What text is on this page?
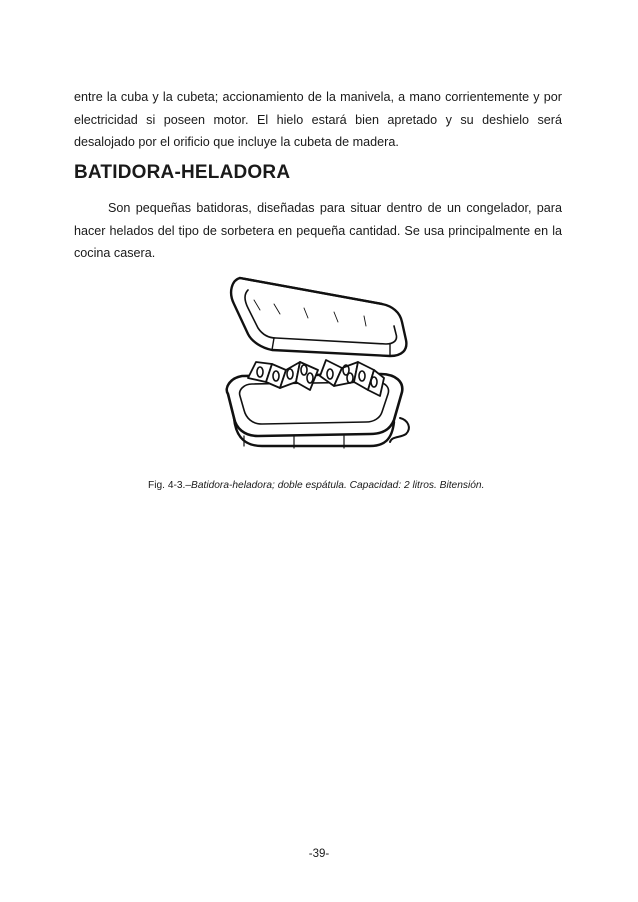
entre la cuba y la cubeta; accionamiento de la manivela, a mano corrientemente y por electricidad si poseen motor. El hielo estará bien apretado y su deshielo será desalojado por el orificio que incluye la cubeta de madera.

BATIDORA-HELADORA

Son pequeñas batidoras, diseñadas para situar dentro de un congelador, para hacer helados del tipo de sorbetera en pequeña cantidad. Se usa principalmente en la cocina casera.

Fig. 4-3.–Batidora-heladora; doble espátula. Capacidad: 2 litros. Bitensión.

-39-
